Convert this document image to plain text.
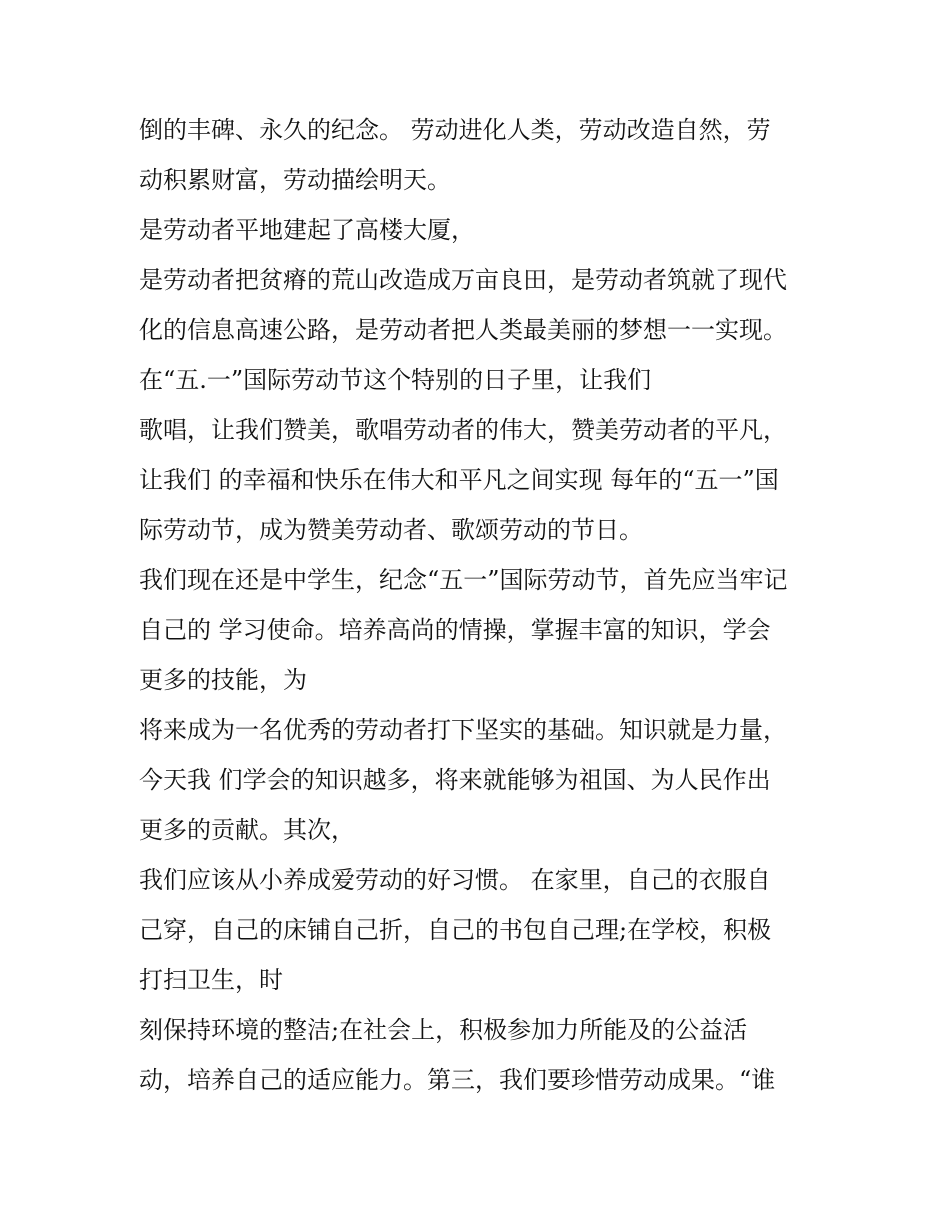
倒的丰碑、永久的纪念。 劳动进化人类，劳动改造自然，劳

动积累财富，劳动描绘明天。

是劳动者平地建起了高楼大厦，

是劳动者把贫瘠的荒山改造成万亩良田，是劳动者筑就了现代

化的信息高速公路，是劳动者把人类最美丽的梦想一一实现。

在“五.一”国际劳动节这个特别的日子里，让我们

歌唱，让我们赞美，歌唱劳动者的伟大，赞美劳动者的平凡，

让我们 的幸福和快乐在伟大和平凡之间实现 每年的“五一”国

际劳动节，成为赞美劳动者、歌颂劳动的节日。

我们现在还是中学生，纪念“五一”国际劳动节，首先应当牢记

自己的 学习使命。培养高尚的情操，掌握丰富的知识，学会

更多的技能，为

将来成为一名优秀的劳动者打下坚实的基础。知识就是力量，

今天我 们学会的知识越多，将来就能够为祖国、为人民作出

更多的贡献。其次，

我们应该从小养成爱劳动的好习惯。 在家里，自己的衣服自

己穿，自己的床铺自己折，自己的书包自己理;在学校，积极

打扫卫生，时

刻保持环境的整洁;在社会上，积极参加力所能及的公益活

动，培养自己的适应能力。第三，我们要珍惜劳动成果。“谁
